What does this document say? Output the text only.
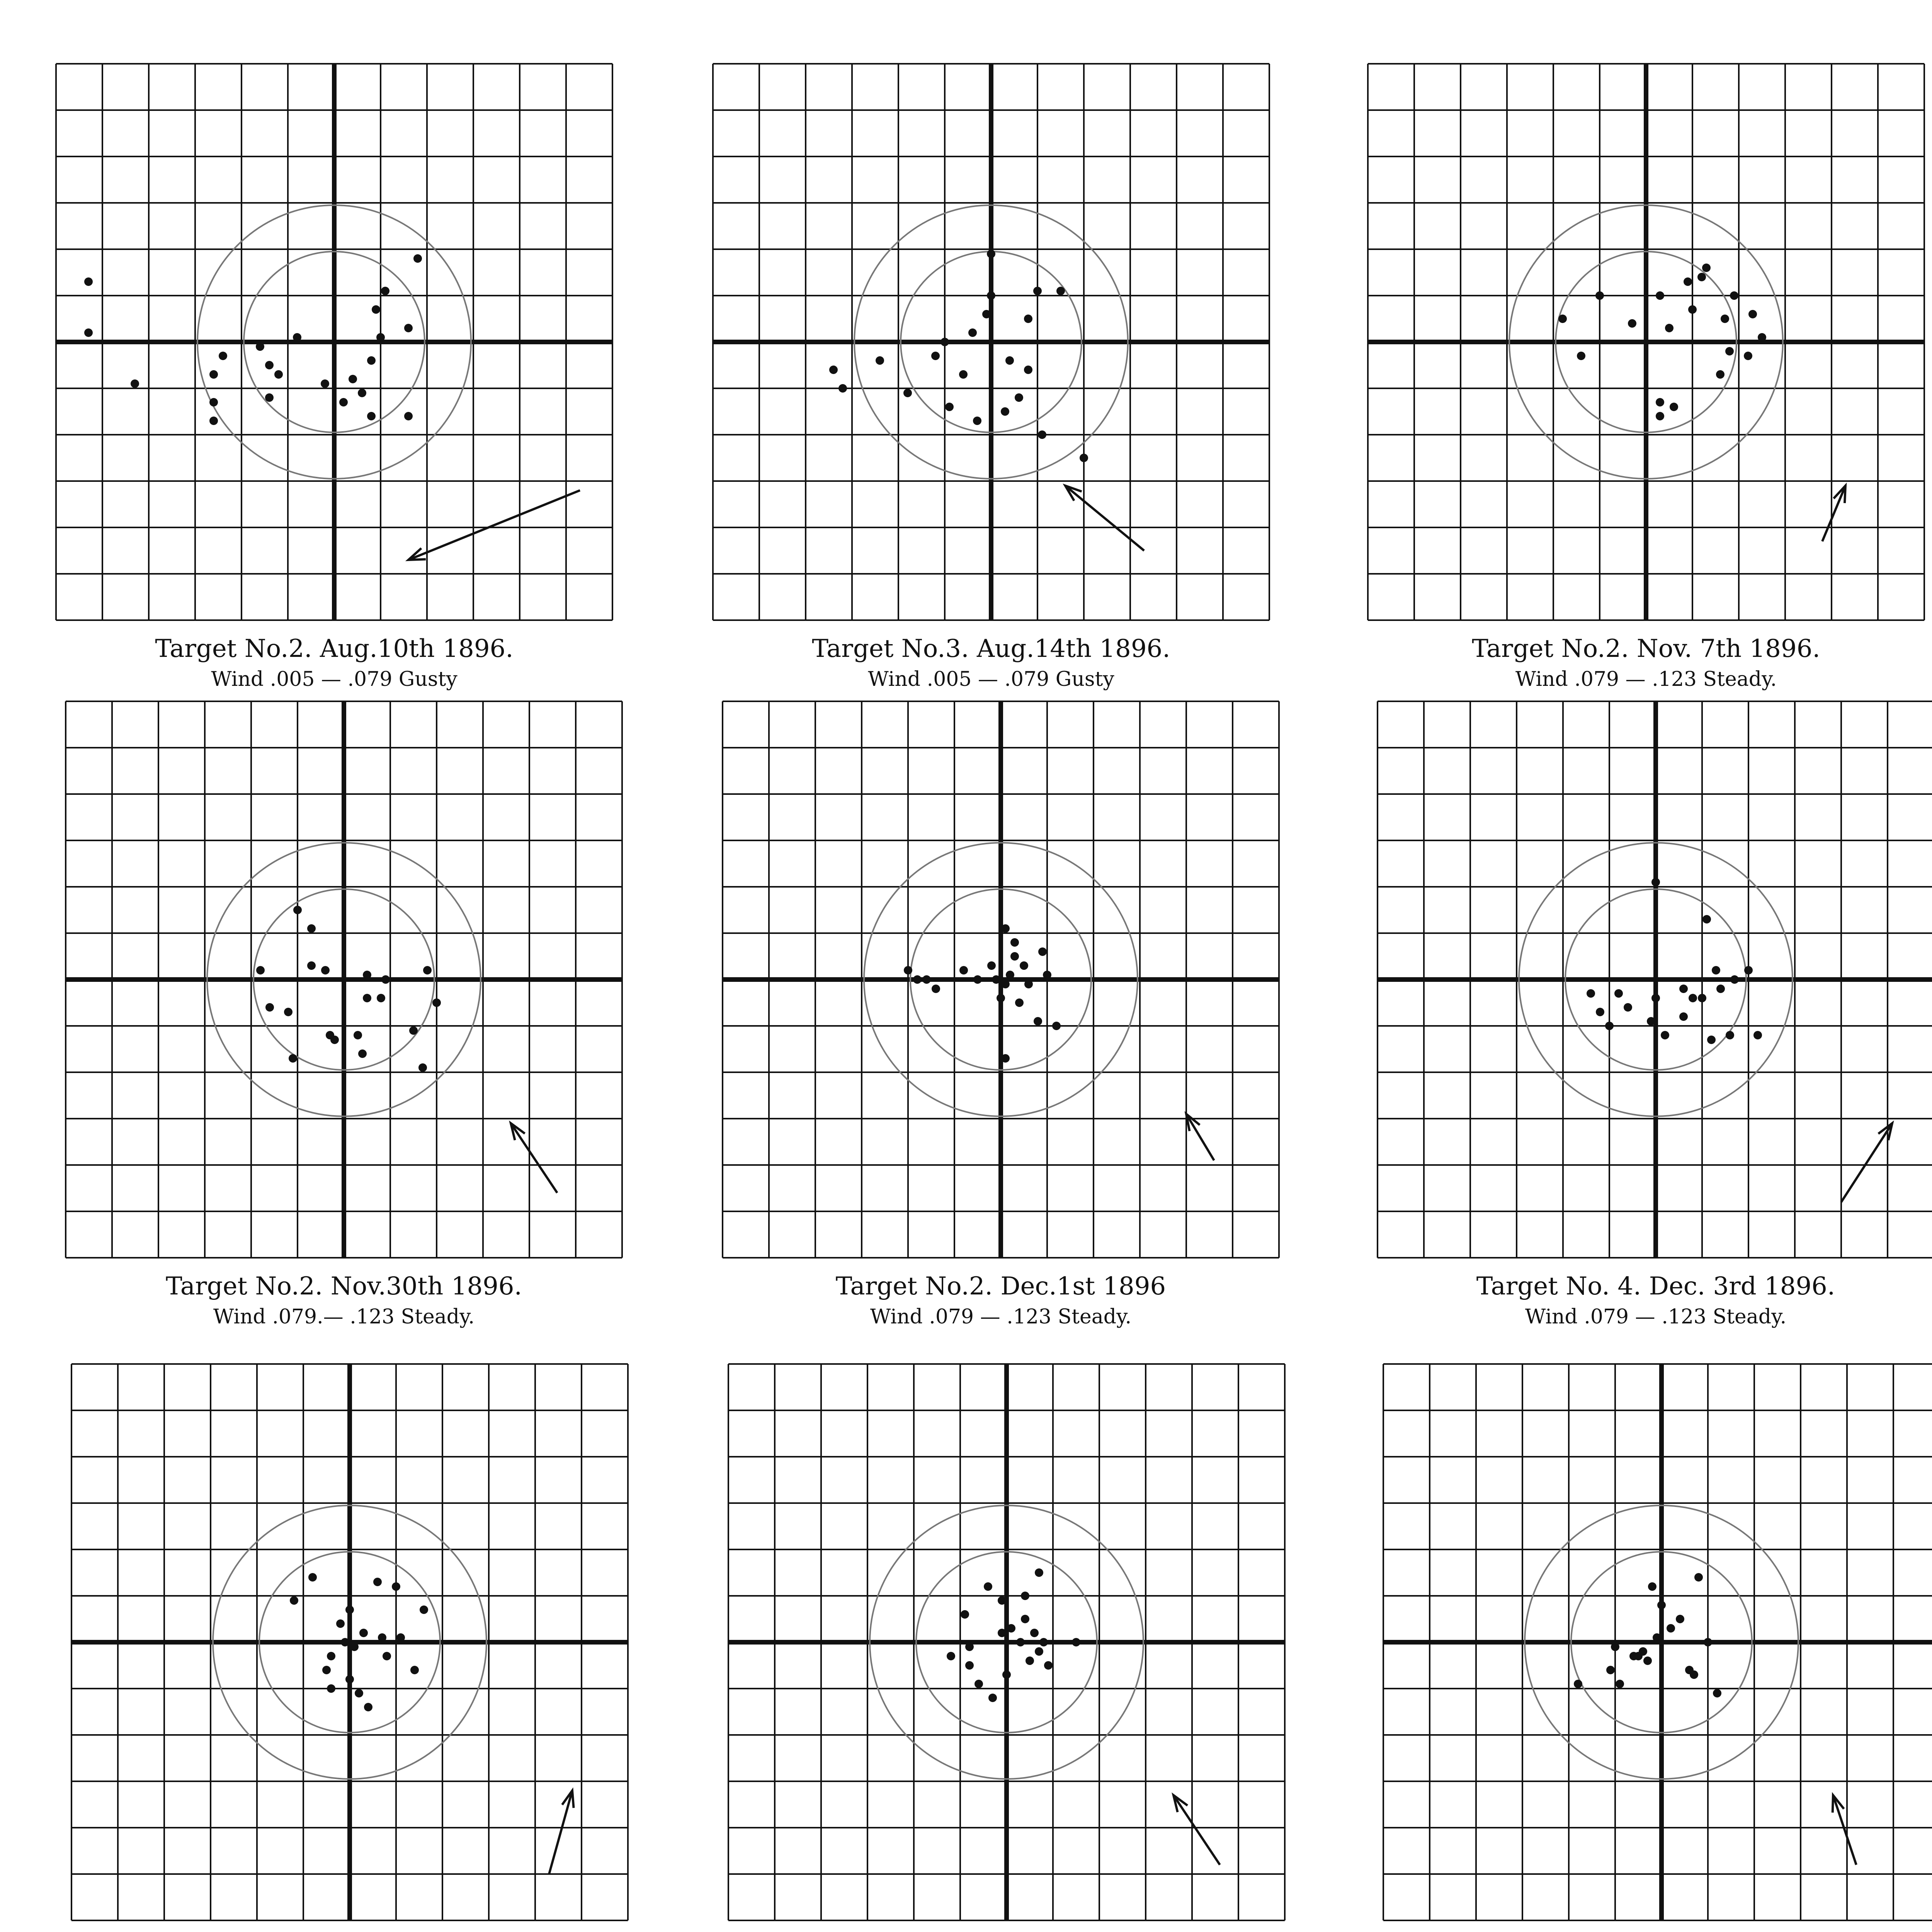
Target No.2. Aug.10th 1896.
Wind .005 — .079 Gusty
Target No.3. Aug.14th 1896.
Wind .005 — .079 Gusty
Target No.2. Nov. 7th 1896.
Wind .079 — .123 Steady.
Target No.2. Nov.30th 1896.
Wind .079.— .123 Steady.
Target No.2. Dec.1st 1896
Wind .079 — .123 Steady.
Target No. 4. Dec. 3rd 1896.
Wind .079 — .123 Steady.
